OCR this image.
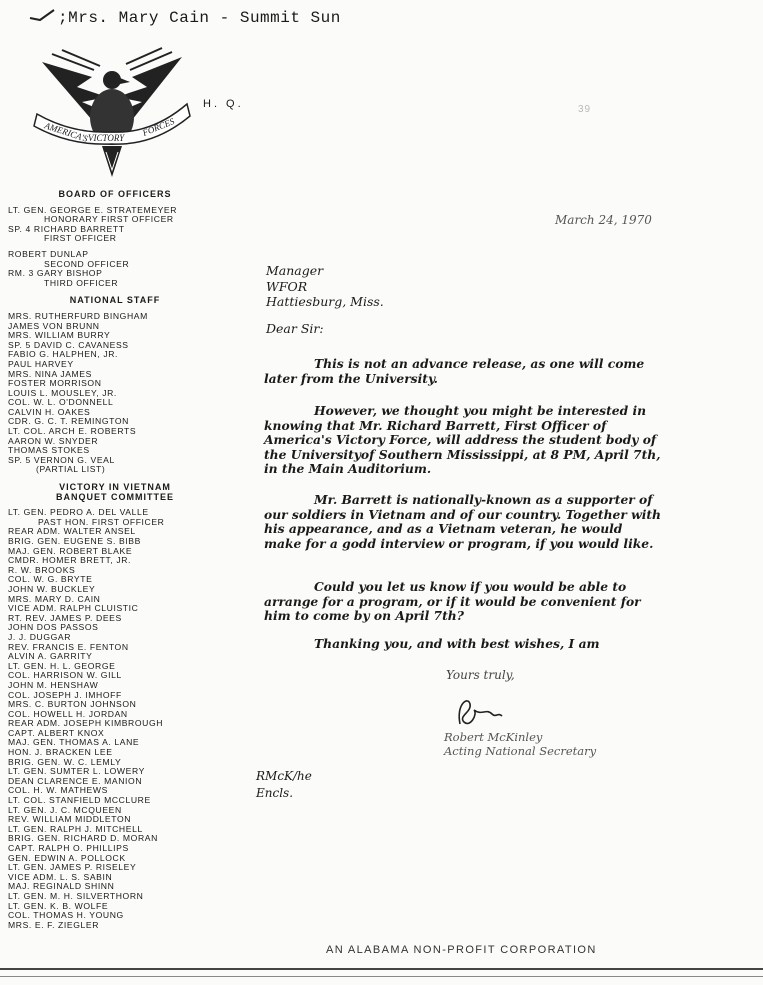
;Mrs. Mary Cain - Summit Sun
AMERICA'S
VICTORY
FORCES
H. Q.	39
BOARD OF OFFICERS
LT. GEN. GEORGE E. STRATEMEYER
HONORARY FIRST OFFICER
SP. 4 RICHARD BARRETT
FIRST OFFICER
ROBERT DUNLAP
SECOND OFFICER
RM. 3 GARY BISHOP
THIRD OFFICER
NATIONAL STAFF
MRS. RUTHERFURD BINGHAM
JAMES VON BRUNN
MRS. WILLIAM BURRY
SP. 5 DAVID C. CAVANESS
FABIO G. HALPHEN, JR.
PAUL HARVEY
MRS. NINA JAMES
FOSTER MORRISON
LOUIS L. MOUSLEY, JR.
COL. W. L. O'DONNELL
CALVIN H. OAKES
CDR. G. C. T. REMINGTON
LT. COL. ARCH E. ROBERTS
AARON W. SNYDER
THOMAS STOKES
SP. 5 VERNON G. VEAL
(PARTIAL LIST)
VICTORY IN VIETNAM
BANQUET COMMITTEE
LT. GEN. PEDRO A. DEL VALLE
PAST HON. FIRST OFFICER
REAR ADM. WALTER ANSEL
BRIG. GEN. EUGENE S. BIBB
MAJ. GEN. ROBERT BLAKE
CMDR. HOMER BRETT, JR.
R. W. BROOKS
COL. W. G. BRYTE
JOHN W. BUCKLEY
MRS. MARY D. CAIN
VICE ADM. RALPH CLUISTIC
RT. REV. JAMES P. DEES
JOHN DOS PASSOS
J. J. DUGGAR
REV. FRANCIS E. FENTON
ALVIN A. GARRITY
LT. GEN. H. L. GEORGE
COL. HARRISON W. GILL
JOHN M. HENSHAW
COL. JOSEPH J. IMHOFF
MRS. C. BURTON JOHNSON
COL. HOWELL H. JORDAN
REAR ADM. JOSEPH KIMBROUGH
CAPT. ALBERT KNOX
MAJ. GEN. THOMAS A. LANE
HON. J. BRACKEN LEE
BRIG. GEN. W. C. LEMLY
LT. GEN. SUMTER L. LOWERY
DEAN CLARENCE E. MANION
COL. H. W. MATHEWS
LT. COL. STANFIELD MCCLURE
LT. GEN. J. C. MCQUEEN
REV. WILLIAM MIDDLETON
LT. GEN. RALPH J. MITCHELL
BRIG. GEN. RICHARD D. MORAN
CAPT. RALPH O. PHILLIPS
GEN. EDWIN A. POLLOCK
LT. GEN. JAMES P. RISELEY
VICE ADM. L. S. SABIN
MAJ. REGINALD SHINN
LT. GEN. M. H. SILVERTHORN
LT. GEN. K. B. WOLFE
COL. THOMAS H. YOUNG
MRS. E. F. ZIEGLER
March 24, 1970
Manager
WFOR
Hattiesburg, Miss.
Dear Sir:
This is not an advance release, as one will come later from the University.
However, we thought you might be interested in knowing that Mr. Richard Barrett, First Officer of America's Victory Force, will address the student body of the Universityof Southern Mississippi, at 8 PM, April 7th, in the Main Auditorium.
Mr. Barrett is nationally-known as a supporter of our soldiers in Vietnam and of our country. Together with his appearance, and as a Vietnam veteran, he would make for a godd interview or program, if you would like.
Could you let us know if you would be able to arrange for a program, or if it would be convenient for him to come by on April 7th?
Thanking you, and with best wishes, I am
Yours truly,
Robert McKinley
Acting National Secretary
RMcK/he
Encls.
AN ALABAMA NON-PROFIT CORPORATION
